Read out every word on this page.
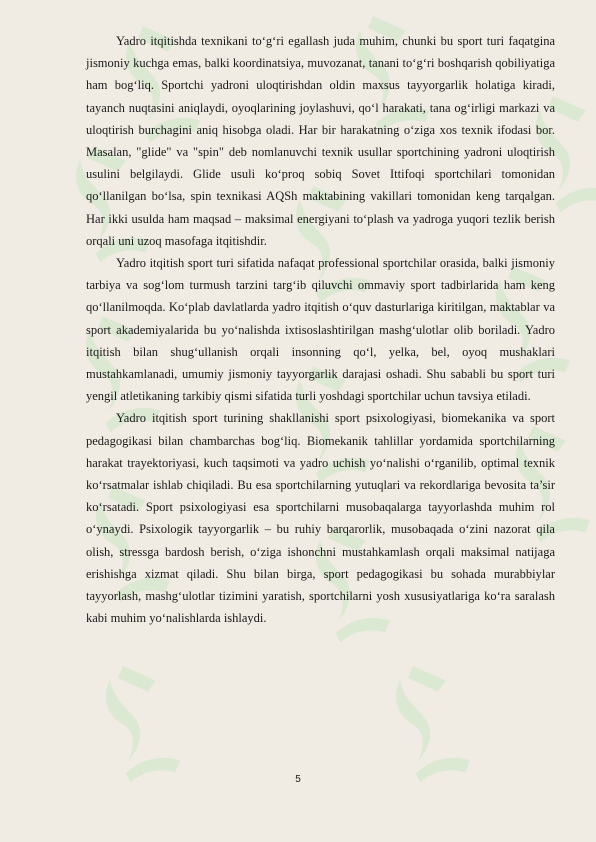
Yadro itqitishda texnikani to‘g‘ri egallash juda muhim, chunki bu sport turi faqatgina jismoniy kuchga emas, balki koordinatsiya, muvozanat, tanani to‘g‘ri boshqarish qobiliyatiga ham bog‘liq. Sportchi yadroni uloqtirishdan oldin maxsus tayyorgarlik holatiga kiradi, tayanch nuqtasini aniqlaydi, oyoqlarining joylashuvi, qo‘l harakati, tana og‘irligi markazi va uloqtirish burchagini aniq hisobga oladi. Har bir harakatning o‘ziga xos texnik ifodasi bor. Masalan, "glide" va "spin" deb nomlanuvchi texnik usullar sportchining yadroni uloqtirish usulini belgilaydi. Glide usuli ko‘proq sobiq Sovet Ittifoqi sportchilari tomonidan qo‘llanilgan bo‘lsa, spin texnikasi AQSh maktabining vakillari tomonidan keng tarqalgan. Har ikki usulda ham maqsad – maksimal energiyani to‘plash va yadroga yuqori tezlik berish orqali uni uzoq masofaga itqitishdir.

Yadro itqitish sport turi sifatida nafaqat professional sportchilar orasida, balki jismoniy tarbiya va sog‘lom turmush tarzini targ‘ib qiluvchi ommaviy sport tadbirlarida ham keng qo‘llanilmoqda. Ko‘plab davlatlarda yadro itqitish o‘quv dasturlariga kiritilgan, maktablar va sport akademiyalarida bu yo‘nalishda ixtisoslashtirilgan mashg‘ulotlar olib boriladi. Yadro itqitish bilan shug‘ullanish orqali insonning qo‘l, yelka, bel, oyoq mushaklari mustahkamlanadi, umumiy jismoniy tayyorgarlik darajasi oshadi. Shu sababli bu sport turi yengil atletikaning tarkibiy qismi sifatida turli yoshdagi sportchilar uchun tavsiya etiladi.

Yadro itqitish sport turining shakllanishi sport psixologiyasi, biomekanika va sport pedagogikasi bilan chambarchas bog‘liq. Biomekanik tahlillar yordamida sportchilarning harakat trayektoriyasi, kuch taqsimoti va yadro uchish yo‘nalishi o‘rganilib, optimal texnik ko‘rsatmalar ishlab chiqiladi. Bu esa sportchilarning yutuqlari va rekordlariga bevosita ta’sir ko‘rsatadi. Sport psixologiyasi esa sportchilarni musobaqalarga tayyorlashda muhim rol o‘ynaydi. Psixologik tayyorgarlik – bu ruhiy barqarorlik, musobaqada o‘zini nazorat qila olish, stressga bardosh berish, o‘ziga ishonchni mustahkamlash orqali maksimal natijaga erishishga xizmat qiladi. Shu bilan birga, sport pedagogikasi bu sohada murabbiylar tayyorlash, mashg‘ulotlar tizimini yaratish, sportchilarni yosh xususiyatlariga ko‘ra saralash kabi muhim yo‘nalishlarda ishlaydi.

5
